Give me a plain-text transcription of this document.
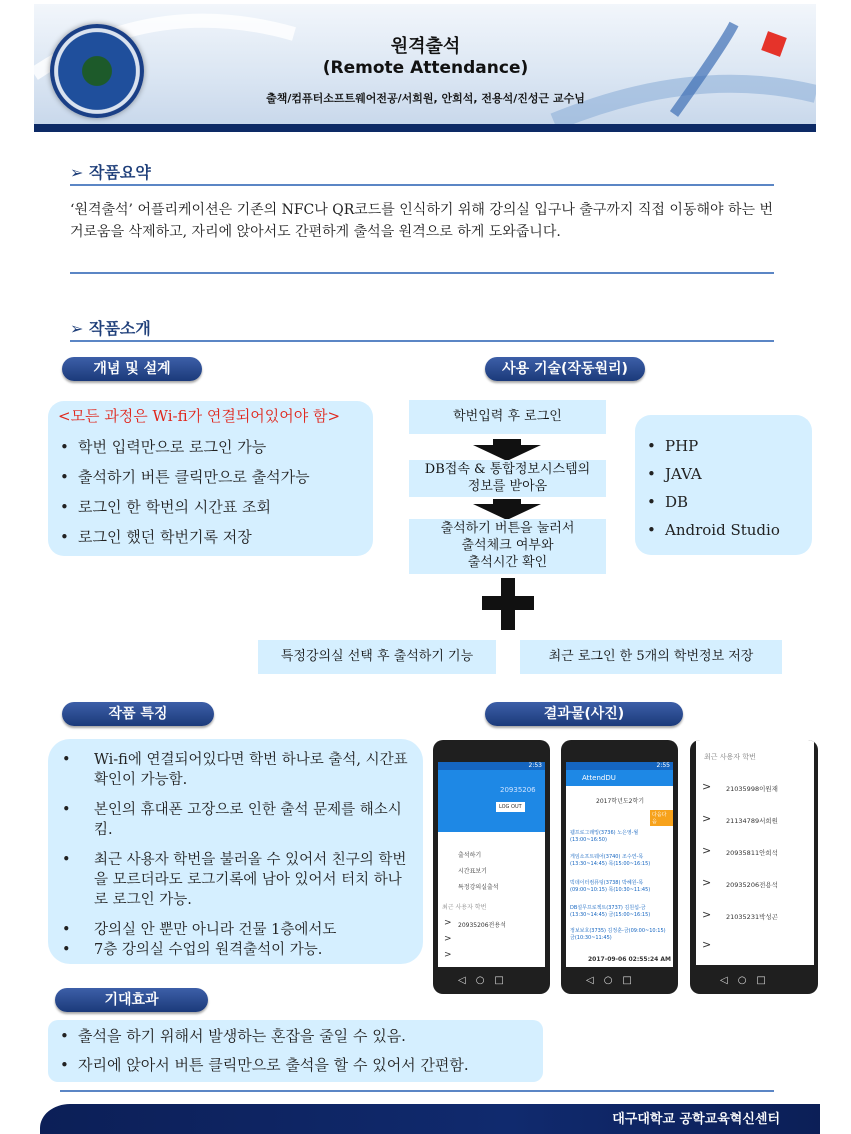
원격출석
(Remote Attendance)
출책/컴퓨터소프트웨어전공/서희원, 안희석, 전용석/진성근 교수님
➢ 작품요약
‘원격출석’ 어플리케이션은 기존의 NFC나 QR코드를 인식하기 위해 강의실 입구나 출구까지 직접 이동해야 하는 번거로움을 삭제하고, 자리에 앉아서도 간편하게 출석을 원격으로 하게 도와줍니다.
➢ 작품소개
개념 및 설계
<모든 과정은 Wi-fi가 연결되어있어야 함>
• 학번 입력만으로 로그인 가능
• 출석하기 버튼 클릭만으로 출석가능
• 로그인 한 학번의 시간표 조회
• 로그인 했던 학번기록 저장
사용 기술(작동원리)
학번입력 후 로그인
DB접속 & 통합정보시스템의
정보를 받아옴
출석하기 버튼을 눌러서
출석체크 여부와
출석시간 확인
• PHP
• JAVA
• DB
• Android Studio
특정강의실 선택 후 출석하기 기능	최근 로그인 한 5개의 학번정보 저장
작품 특징
• Wi-fi에 연결되어있다면 학번 하나로 출석, 시간표확인이 가능함.
• 본인의 휴대폰 고장으로 인한 출석 문제를 해소시킴.
• 최근 사용자 학번을 불러올 수 있어서 친구의 학번을 모르더라도 로그기록에 남아 있어서 터치 하나로 로그인 가능.
• 강의실 안 뿐만 아니라 건물 1층에서도
• 7층 강의실 수업의 원격출석이 가능.
결과물(사진)
2:53
20935206
LOG OUT
출석하기
시간표보기
특정강의실출석
최근 사용자 학번
20935206전용석
>
>
>
◁○□
2:55
AttendDU
2017학년도2학기
다음다음
웹프로그래밍(3736) 노은영-월(13:00~16:50)
게임소프트웨어(3740) 조수연-목(13:30~14:45) 목(15:00~16:15)
빅데이터컴퓨팅(3738) 박혜원-목(09:00~10:15) 목(10:30~11:45)
DB설무프로젝트(3737) 김원섭-금(13:30~14:45) 금(15:00~16:15)
정보보호(3735) 김정훈-금(09:00~10:15) 금(10:30~11:45)
2017-09-06 02:55:24 AM
◁○□
최근 사용자 학번
> 21035998이원재
> 21134789서희원
> 20935811안희석
> 20935206전용석
> 21035231박성곤
>
◁○□
기대효과
• 출석을 하기 위해서 발생하는 혼잡을 줄일 수 있음.
• 자리에 앉아서 버튼 클릭만으로 출석을 할 수 있어서 간편함.
대구대학교 공학교육혁신센터
